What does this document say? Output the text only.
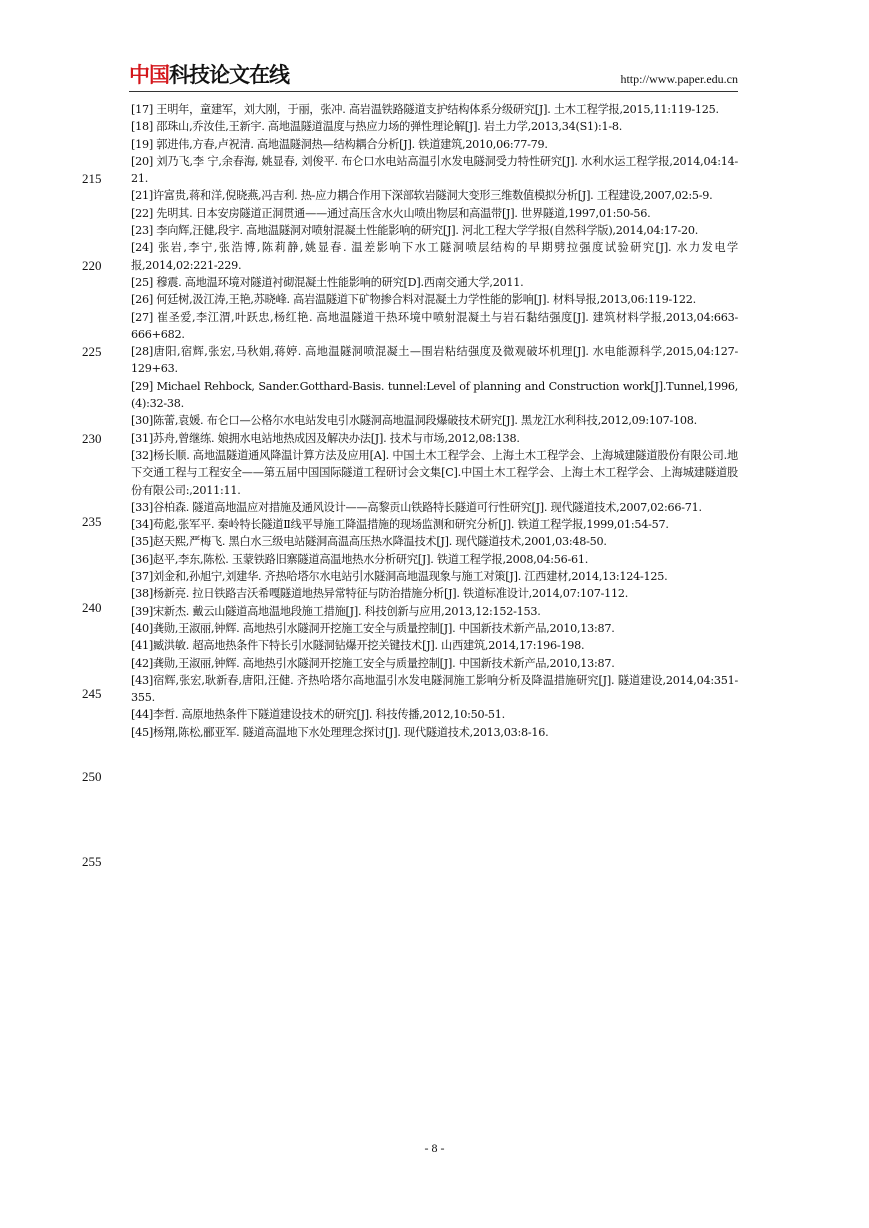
中国科技论文在线	http://www.paper.edu.cn
215
220
225
230
235
240
245
250
255

[17] 王明年，童建军，刘大刚，于丽，张冲. 高岩温铁路隧道支护结构体系分级研究[J]. 土木工程学报,2015,11:119-125.

[18] 邵珠山,乔汝佳,王新宇. 高地温隧道温度与热应力场的弹性理论解[J]. 岩土力学,2013,34(S1):1-8.

[19] 郭进伟,方春,卢祝清. 高地温隧洞热—结构耦合分析[J]. 铁道建筑,2010,06:77-79.

[20] 刘乃飞,李 宁,余春海, 姚显春, 刘俊平. 布仑口水电站高温引水发电隧洞受力特性研究[J]. 水利水运工程学报,2014,04:14-21.

[21]许富贵,蒋和洋,倪晓燕,冯吉利. 热-应力耦合作用下深部软岩隧洞大变形三维数值模拟分析[J]. 工程建设,2007,02:5-9.

[22] 先明其. 日本安房隧道正洞贯通——通过高压含水火山喷出物层和高温带[J]. 世界隧道,1997,01:50-56.

[23] 李向辉,汪健,段宇. 高地温隧洞对喷射混凝土性能影响的研究[J]. 河北工程大学学报(自然科学版),2014,04:17-20.

[24] 张岩,李宁,张浩博,陈莉静,姚显春. 温差影响下水工隧洞喷层结构的早期劈拉强度试验研究[J]. 水力发电学报,2014,02:221-229.

[25] 穆震. 高地温环境对隧道衬砌混凝土性能影响的研究[D].西南交通大学,2011.

[26] 何廷树,汲江涛,王艳,苏晓峰. 高岩温隧道下矿物掺合料对混凝土力学性能的影响[J]. 材料导报,2013,06:119-122.

[27] 崔圣爱,李江渭,叶跃忠,杨红艳. 高地温隧道干热环境中喷射混凝土与岩石黏结强度[J]. 建筑材料学报,2013,04:663-666+682.

[28]唐阳,宿辉,张宏,马秋娟,蒋婷. 高地温隧洞喷混凝土—围岩粘结强度及微观破坏机理[J]. 水电能源科学,2015,04:127-129+63.

[29] Michael Rehbock, Sander.Gotthard-Basis. tunnel:Level of planning and Construction work[J].Tunnel,1996,(4):32-38.

[30]陈蕾,袁媛. 布仑口—公格尔水电站发电引水隧洞高地温洞段爆破技术研究[J]. 黑龙江水利科技,2012,09:107-108.

[31]苏舟,曾继练. 娘拥水电站地热成因及解决办法[J]. 技术与市场,2012,08:138.

[32]杨长顺. 高地温隧道通风降温计算方法及应用[A]. 中国土木工程学会、上海土木工程学会、上海城建隧道股份有限公司.地下交通工程与工程安全——第五届中国国际隧道工程研讨会文集[C].中国土木工程学会、上海土木工程学会、上海城建隧道股份有限公司:,2011:11.

[33]谷柏森. 隧道高地温应对措施及通风设计——高黎贡山铁路特长隧道可行性研究[J]. 现代隧道技术,2007,02:66-71.

[34]苟彪,张军平. 秦岭特长隧道Ⅱ线平导施工降温措施的现场监测和研究分析[J]. 铁道工程学报,1999,01:54-57.

[35]赵天熙,严梅飞. 黑白水三级电站隧洞高温高压热水降温技术[J]. 现代隧道技术,2001,03:48-50.

[36]赵平,李东,陈松. 玉蒙铁路旧寨隧道高温地热水分析研究[J]. 铁道工程学报,2008,04:56-61.

[37]刘金和,孙旭宁,刘建华. 齐热哈塔尔水电站引水隧洞高地温现象与施工对策[J]. 江西建材,2014,13:124-125.

[38]杨新亮. 拉日铁路吉沃希嘎隧道地热异常特征与防治措施分析[J]. 铁道标准设计,2014,07:107-112.

[39]宋新杰. 戴云山隧道高地温地段施工措施[J]. 科技创新与应用,2013,12:152-153.

[40]龚勋,王淑丽,钟辉. 高地热引水隧洞开挖施工安全与质量控制[J]. 中国新技术新产品,2010,13:87.

[41]臧洪敏. 超高地热条件下特长引水隧洞钻爆开挖关键技术[J]. 山西建筑,2014,17:196-198.

[42]龚勋,王淑丽,钟辉. 高地热引水隧洞开挖施工安全与质量控制[J]. 中国新技术新产品,2010,13:87.

[43]宿辉,张宏,耿新春,唐阳,汪健. 齐热哈塔尔高地温引水发电隧洞施工影响分析及降温措施研究[J]. 隧道建设,2014,04:351-355.

[44]李哲. 高原地热条件下隧道建设技术的研究[J]. 科技传播,2012,10:50-51.

[45]杨翔,陈松,郦亚军. 隧道高温地下水处理理念探讨[J]. 现代隧道技术,2013,03:8-16.

- 8 -
